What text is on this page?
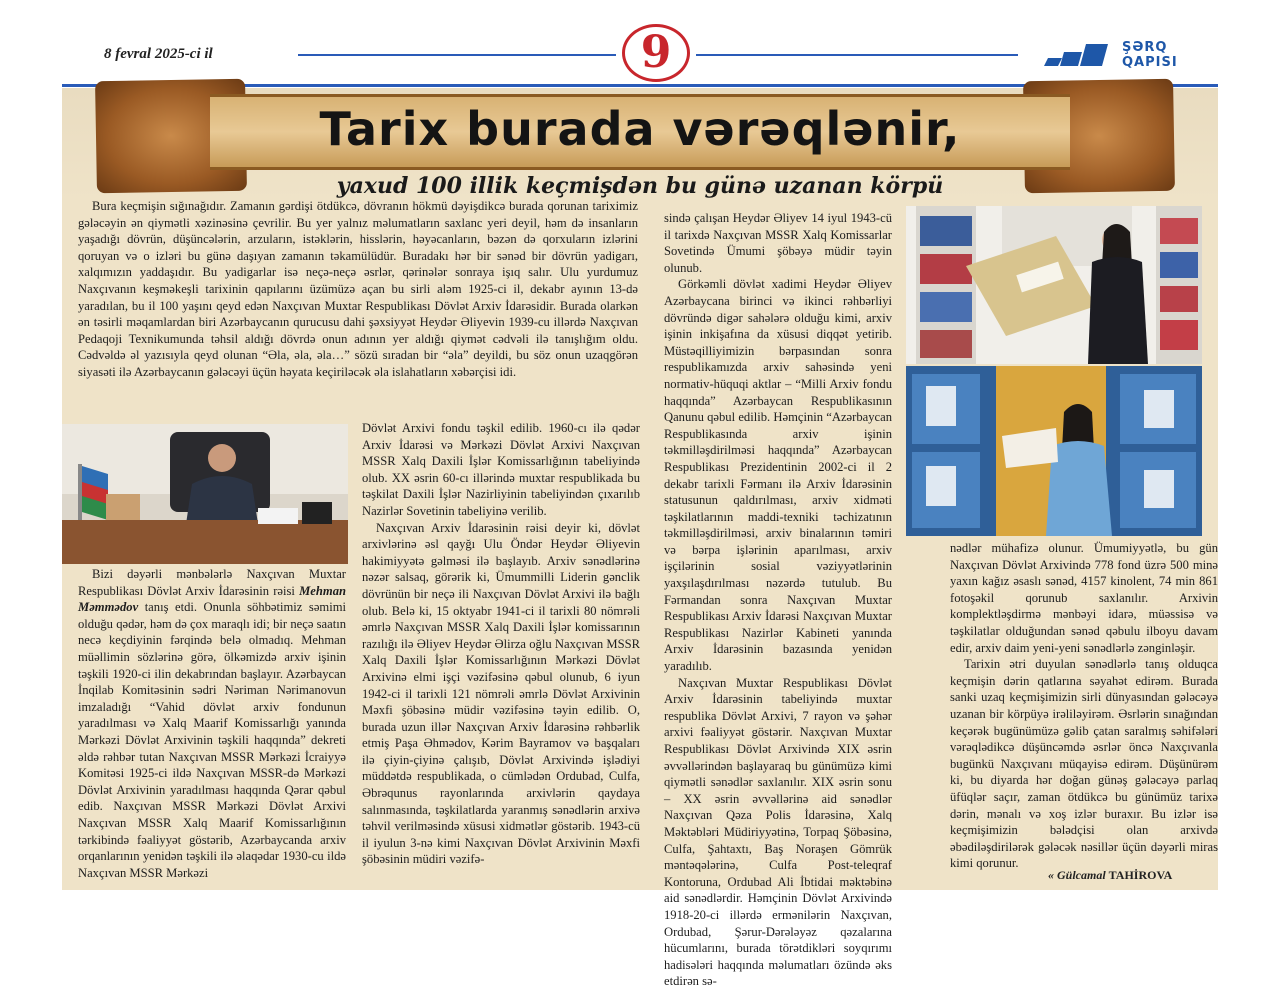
8 fevral 2025-ci il	9	ŞƏRQ
QAPISI
Tarix burada vərəqlənir,
yaxud 100 illik keçmişdən bu günə uzanan körpü

Bura keçmişin sığınağıdır. Zamanın gərdişi ötdükcə, dövranın hökmü dəyişdikcə burada qorunan tariximiz gələcəyin ən qiymətli xəzinəsinə çevrilir. Bu yer yalnız məlumatların saxlanc yeri deyil, həm də insanların yaşadığı dövrün, düşüncələrin, arzuların, istəklərin, hisslərin, həyəcanların, bəzən də qorxuların izlərini qoruyan və o izləri bu günə daşıyan zamanın təkamülüdür. Buradakı hər bir sənəd bir dövrün yadigarı, xalqımızın yaddaşıdır. Bu yadigarlar isə neçə-neçə əsrlər, qərinələr sonraya işıq salır. Ulu yurdumuz Naxçıvanın keşməkeşli tarixinin qapılarını üzümüzə açan bu sirli aləm 1925-ci il, dekabr ayının 13-də yaradılan, bu il 100 yaşını qeyd edən Naxçıvan Muxtar Respublikası Dövlət Arxiv İdarəsidir. Burada olarkən ən təsirli məqamlardan biri Azərbaycanın qurucusu dahi şəxsiyyət Heydər Əliyevin 1939-cu illərdə Naxçıvan Pedaqoji Texnikumunda təhsil aldığı dövrdə onun adının yer aldığı qiymət cədvəli ilə tanışlığım oldu. Cədvəldə əl yazısıyla qeyd olunan “Əla, əla, əla…” sözü sıradan bir “əla” deyildi, bu söz onun uzaqgörən siyasəti ilə Azərbaycanın gələcəyi üçün həyata keçiriləcək əla islahatların xəbərçisi idi.

Bizi dəyərli mənbələrlə Naxçıvan Muxtar Respublikası Dövlət Arxiv İdarəsinin rəisi Mehman Məmmədov tanış etdi. Onunla söhbətimiz səmimi olduğu qədər, həm də çox maraqlı idi; bir neçə saatın necə keçdiyinin fərqində belə olmadıq. Mehman müəllimin sözlərinə görə, ölkəmizdə arxiv işinin təşkili 1920-ci ilin dekabrından başlayır. Azərbaycan İnqilab Komitəsinin sədri Nəriman Nərimanovun imzaladığı “Vahid dövlət arxiv fondunun yaradılması və Xalq Maarif Komissarlığı yanında Mərkəzi Dövlət Arxivinin təşkili haqqında” dekreti əldə rəhbər tutan Naxçıvan MSSR Mərkəzi İcraiyyə Komitəsi 1925-ci ildə Naxçıvan MSSR-də Mərkəzi Dövlət Arxivinin yaradılması haqqında Qərar qəbul edib. Naxçıvan MSSR Mərkəzi Dövlət Arxivi Naxçıvan MSSR Xalq Maarif Komissarlığının tərkibində fəaliyyət göstərib, Azərbaycanda arxiv orqanlarının yenidən təşkili ilə əlaqədar 1930-cu ildə Naxçıvan MSSR Mərkəzi

Dövlət Arxivi fondu təşkil edilib. 1960-cı ilə qədər Arxiv İdarəsi və Mərkəzi Dövlət Arxivi Naxçıvan MSSR Xalq Daxili İşlər Komissarlığının tabeliyində olub. XX əsrin 60-cı illərində muxtar respublikada bu təşkilat Daxili İşlər Nazirliyinin tabeliyindən çıxarılıb Nazirlər Sovetinin tabeliyinə verilib.

Naxçıvan Arxiv İdarəsinin rəisi deyir ki, dövlət arxivlərinə əsl qayğı Ulu Öndər Heydər Əliyevin hakimiyyətə gəlməsi ilə başlayıb. Arxiv sənədlərinə nəzər salsaq, görərik ki, Ümummilli Liderin gənclik dövrünün bir neçə ili Naxçıvan Dövlət Arxivi ilə bağlı olub. Belə ki, 15 oktyabr 1941-ci il tarixli 80 nömrəli əmrlə Naxçıvan MSSR Xalq Daxili İşlər komissarının razılığı ilə Əliyev Heydər Əlirza oğlu Naxçıvan MSSR Xalq Daxili İşlər Komissarlığının Mərkəzi Dövlət Arxivinə elmi işçi vəzifəsinə qəbul olunub, 6 iyun 1942-ci il tarixli 121 nömrəli əmrlə Dövlət Arxivinin Məxfi şöbəsinə müdir vəzifəsinə təyin edilib. O, burada uzun illər Naxçıvan Arxiv İdarəsinə rəhbərlik etmiş Paşa Əhmədov, Kərim Bayramov və başqaları ilə çiyin-çiyinə çalışıb, Dövlət Arxivində işlədiyi müddətdə respublikada, o cümlədən Ordubad, Culfa, Əbrəqunus rayonlarında arxivlərin qaydaya salınmasında, təşkilatlarda yaranmış sənədlərin arxivə təhvil verilməsində xüsusi xidmətlər göstərib. 1943-cü il iyulun 3-nə kimi Naxçıvan Dövlət Arxivinin Məxfi şöbəsinin müdiri vəzifə-

sində çalışan Heydər Əliyev 14 iyul 1943-cü il tarixdə Naxçıvan MSSR Xalq Komissarlar Sovetində Ümumi şöbəyə müdir təyin olunub.

Görkəmli dövlət xadimi Heydər Əliyev Azərbaycana birinci və ikinci rəhbərliyi dövründə digər sahələrə olduğu kimi, arxiv işinin inkişafına da xüsusi diqqət yetirib. Müstəqilliyimizin bərpasından sonra respublikamızda arxiv sahəsində yeni normativ-hüquqi aktlar – “Milli Arxiv fondu haqqında” Azərbaycan Respublikasının Qanunu qəbul edilib. Həmçinin “Azərbaycan Respublikasında arxiv işinin təkmilləşdirilməsi haqqında” Azərbaycan Respublikası Prezidentinin 2002-ci il 2 dekabr tarixli Fərmanı ilə Arxiv İdarəsinin statusunun qaldırılması, arxiv xidməti təşkilatlarının maddi-texniki təchizatının təkmilləşdirilməsi, arxiv binalarının təmiri və bərpa işlərinin aparılması, arxiv işçilərinin sosial vəziyyətlərinin yaxşılaşdırılması nəzərdə tutulub. Bu Fərmandan sonra Naxçıvan Muxtar Respublikası Arxiv İdarəsi Naxçıvan Muxtar Respublikası Nazirlər Kabineti yanında Arxiv İdarəsinin bazasında yenidən yaradılıb.

Naxçıvan Muxtar Respublikası Dövlət Arxiv İdarəsinin tabeliyində muxtar respublika Dövlət Arxivi, 7 rayon və şəhər arxivi fəaliyyət göstərir. Naxçıvan Muxtar Respublikası Dövlət Arxivində XIX əsrin əvvəllərindən başlayaraq bu günümüzə kimi qiymətli sənədlər saxlanılır. XIX əsrin sonu – XX əsrin əvvəllərinə aid sənədlər Naxçıvan Qəza Polis İdarəsinə, Xalq Məktəbləri Müdiriyyətinə, Torpaq Şöbəsinə, Culfa, Şahtaxtı, Baş Noraşen Gömrük məntəqələrinə, Culfa Post-teleqraf Kontoruna, Ordubad Ali İbtidai məktəbinə aid sənədlərdir. Həmçinin Dövlət Arxivində 1918-20-ci illərdə ermənilərin Naxçıvan, Ordubad, Şərur-Dərələyəz qəzalarına hücumlarını, burada törətdikləri soyqırımı hadisələri haqqında məlumatları özündə əks etdirən sə-

nədlər mühafizə olunur. Ümumiyyətlə, bu gün Naxçıvan Dövlət Arxivində 778 fond üzrə 500 minə yaxın kağız əsaslı sənəd, 4157 kinolent, 74 min 861 fotoşəkil qorunub saxlanılır. Arxivin komplektləşdirmə mənbəyi idarə, müəssisə və təşkilatlar olduğundan sənəd qəbulu ilboyu davam edir, arxiv daim yeni-yeni sənədlərlə zənginləşir.

Tarixin ətri duyulan sənədlərlə tanış olduqca keçmişin dərin qatlarına səyahət edirəm. Burada sanki uzaq keçmişimizin sirli dünyasından gələcəyə uzanan bir körpüyə irəliləyirəm. Əsrlərin sınağından keçərək bugünümüzə gəlib çatan saralmış səhifələri vərəqlədikcə düşüncəmdə əsrlər öncə Naxçıvanla bugünkü Naxçıvanı müqayisə edirəm. Düşünürəm ki, bu diyarda hər doğan günəş gələcəyə parlaq üfüqlər saçır, zaman ötdükcə bu günümüz tarixə dərin, mənalı və xoş izlər buraxır. Bu izlər isə keçmişimizin bələdçisi olan arxivdə əbədiləşdirilərək gələcək nəsillər üçün dəyərli miras kimi qorunur.

« Gülcamal TAHİROVA
